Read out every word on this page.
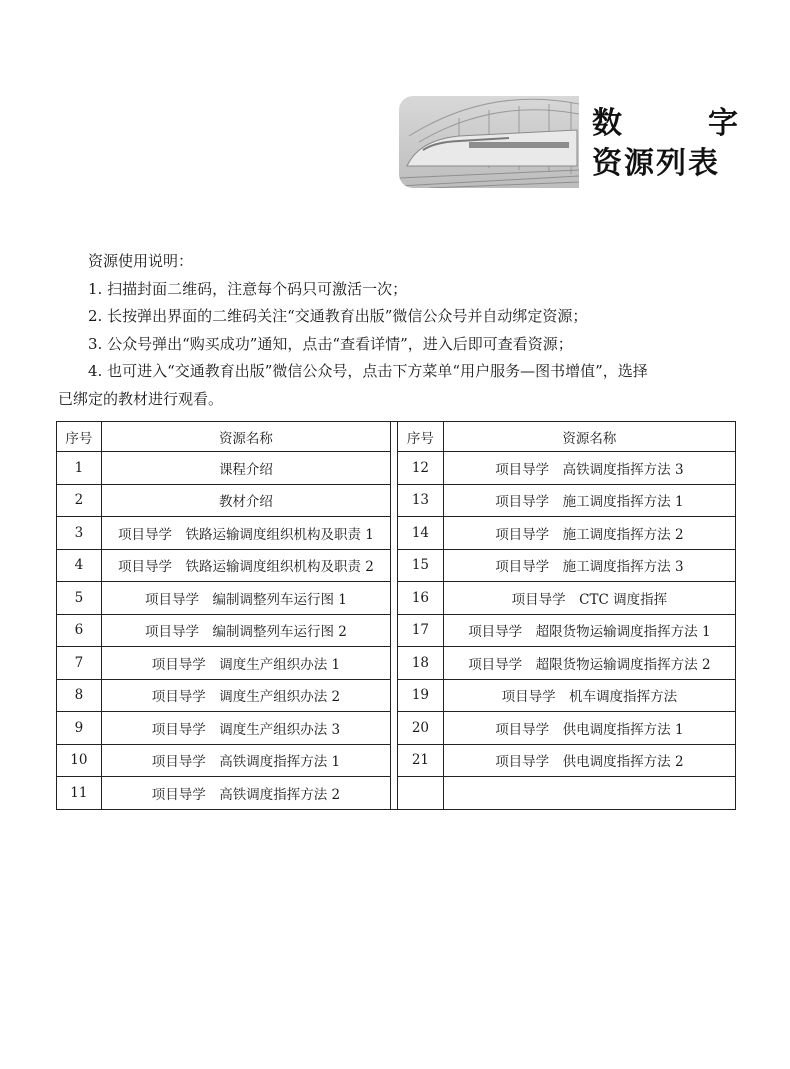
数	字
资源列表

资源使用说明：

1. 扫描封面二维码，注意每个码只可激活一次；

2. 长按弹出界面的二维码关注“交通教育出版”微信公众号并自动绑定资源；

3. 公众号弹出“购买成功”通知，点击“查看详情”，进入后即可查看资源；

4. 也可进入“交通教育出版”微信公众号，点击下方菜单“用户服务—图书增值”，选择

已绑定的教材进行观看。

序号	资源名称		序号	资源名称
1	课程介绍		12	项目导学　高铁调度指挥方法 3
2	教材介绍		13	项目导学　施工调度指挥方法 1
3	项目导学　铁路运输调度组织机构及职责 1		14	项目导学　施工调度指挥方法 2
4	项目导学　铁路运输调度组织机构及职责 2		15	项目导学　施工调度指挥方法 3
5	项目导学　编制调整列车运行图 1		16	项目导学　CTC 调度指挥
6	项目导学　编制调整列车运行图 2		17	项目导学　超限货物运输调度指挥方法 1
7	项目导学　调度生产组织办法 1		18	项目导学　超限货物运输调度指挥方法 2
8	项目导学　调度生产组织办法 2		19	项目导学　机车调度指挥方法
9	项目导学　调度生产组织办法 3		20	项目导学　供电调度指挥方法 1
10	项目导学　高铁调度指挥方法 1		21	项目导学　供电调度指挥方法 2
11	项目导学　高铁调度指挥方法 2			
